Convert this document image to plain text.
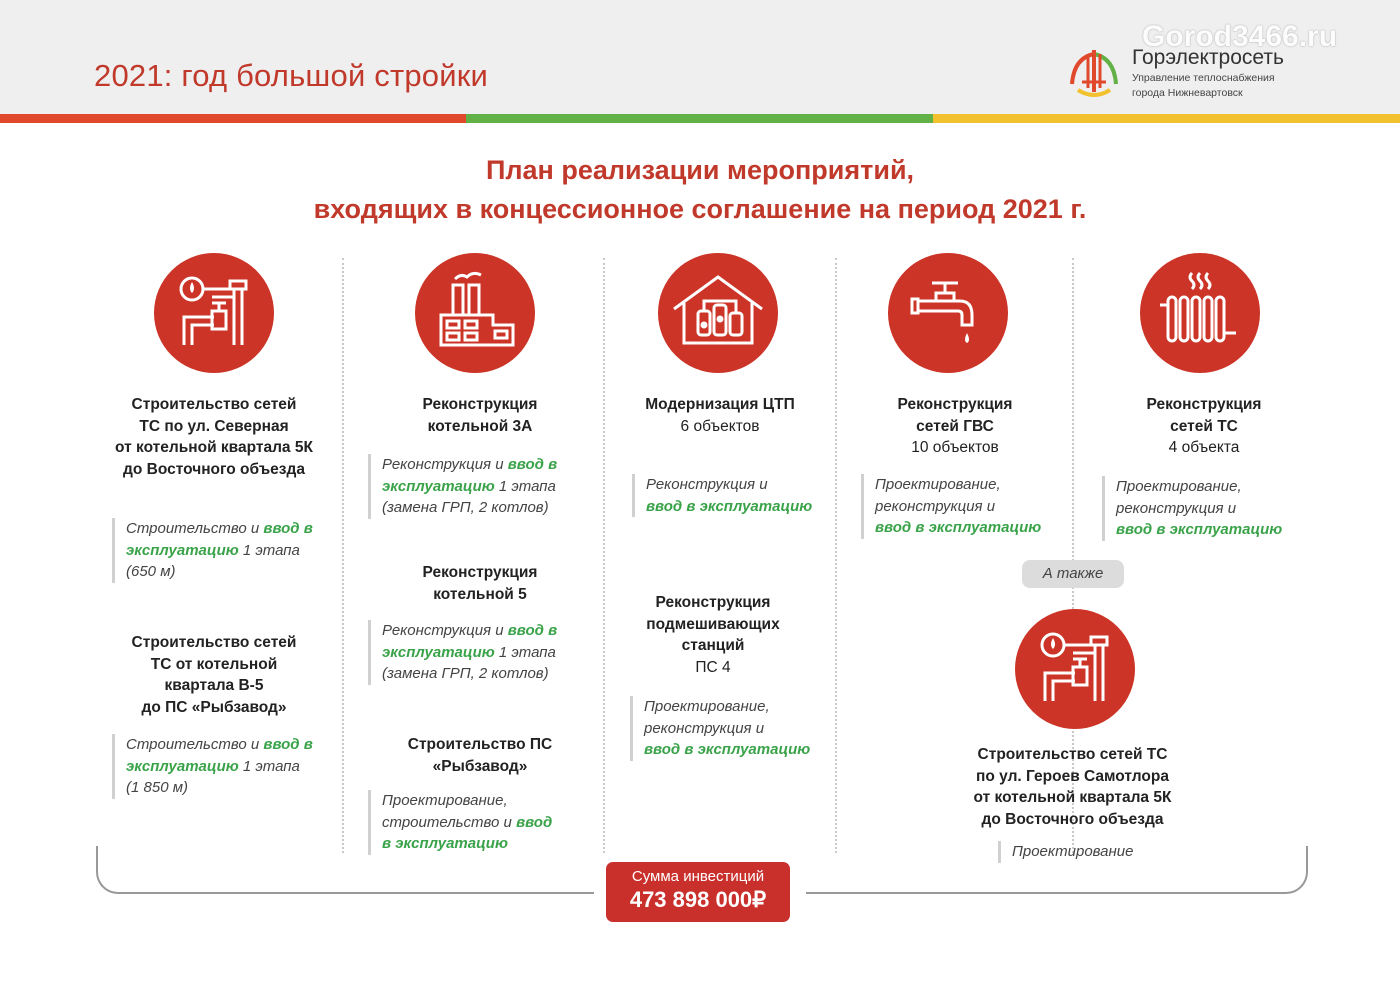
2021: год большой стройки
Gorod3466.ru
Горэлектросеть
Управление теплоснабжения
города Нижневартовск
План реализации мероприятий,
входящих в концессионное соглашение на период 2021 г.
Строительство сетей
ТС по ул. Северная
от котельной квартала 5К
до Восточного объезда
Строительство и ввод в
эксплуатацию 1 этапа
(650 м)
Строительство сетей
ТС от котельной
квартала В-5
до ПС «Рыбзавод»
Строительство и ввод в
эксплуатацию 1 этапа
(1 850 м)
Реконструкция
котельной 3А
Реконструкция и ввод в
эксплуатацию 1 этапа
(замена ГРП, 2 котлов)
Реконструкция
котельной 5
Реконструкция и ввод в
эксплуатацию 1 этапа
(замена ГРП, 2 котлов)
Строительство ПС
«Рыбзавод»
Проектирование,
строительство и ввод
в эксплуатацию
Модернизация ЦТП
6 объектов
Реконструкция и
ввод в эксплуатацию
Реконструкция
подмешивающих
станций
ПС 4
Проектирование,
реконструкция и
ввод в эксплуатацию
Реконструкция
сетей ГВС
10 объектов
Проектирование,
реконструкция и
ввод в эксплуатацию
Реконструкция
сетей ТС
4 объекта
Проектирование,
реконструкция и
ввод в эксплуатацию
А также
Строительство сетей ТС
по ул. Героев Самотлора
от котельной квартала 5К
до Восточного объезда
Проектирование
Сумма инвестиций
473 898 000₽
